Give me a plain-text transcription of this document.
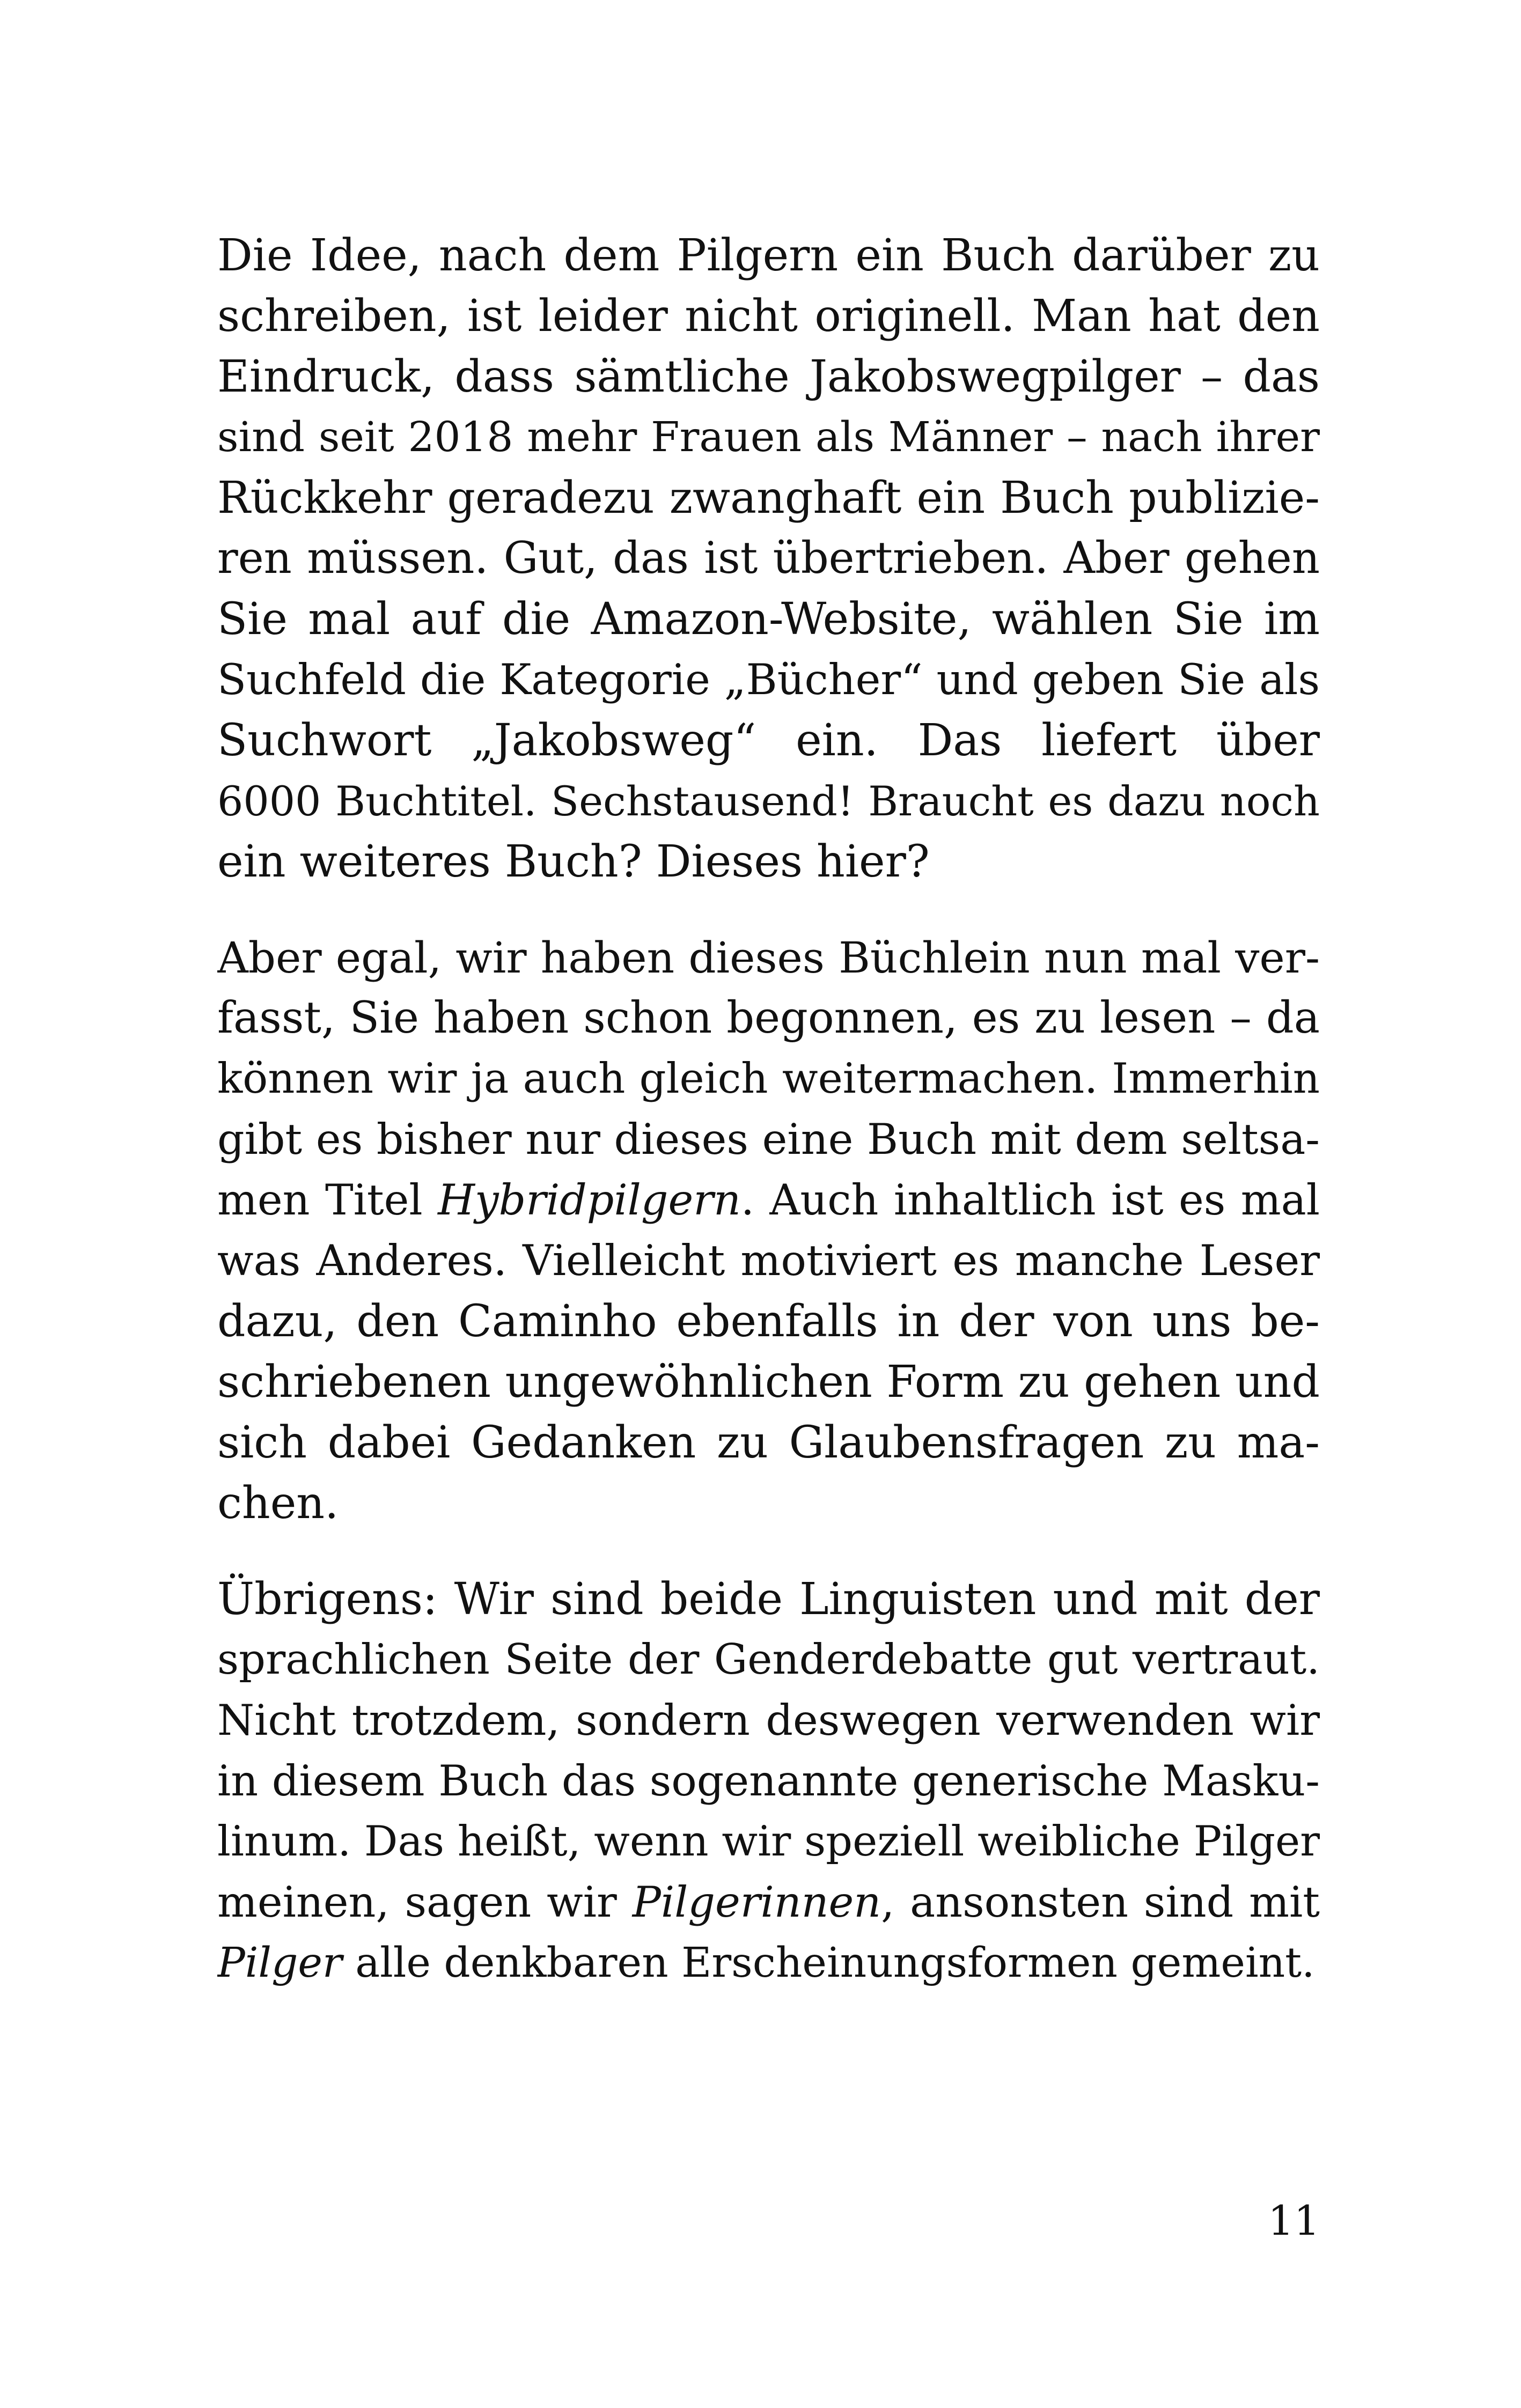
Die Idee, nach dem Pilgern ein Buch darüber zu
schreiben, ist leider nicht originell. Man hat den
Eindruck, dass sämtliche Jakobswegpilger – das
sind seit 2018 mehr Frauen als Männer – nach ihrer
Rückkehr geradezu zwanghaft ein Buch publizie-
ren müssen. Gut, das ist übertrieben. Aber gehen
Sie mal auf die Amazon-Website, wählen Sie im
Suchfeld die Kategorie „Bücher“ und geben Sie als
Suchwort „Jakobsweg“ ein. Das liefert über
6000 Buchtitel. Sechstausend! Braucht es dazu noch
ein weiteres Buch? Dieses hier?
Aber egal, wir haben dieses Büchlein nun mal ver-
fasst, Sie haben schon begonnen, es zu lesen – da
können wir ja auch gleich weitermachen. Immerhin
gibt es bisher nur dieses eine Buch mit dem seltsa-
men Titel Hybridpilgern. Auch inhaltlich ist es mal
was Anderes. Vielleicht motiviert es manche Leser
dazu, den Caminho ebenfalls in der von uns be-
schriebenen ungewöhnlichen Form zu gehen und
sich dabei Gedanken zu Glaubensfragen zu ma-
chen.
Übrigens: Wir sind beide Linguisten und mit der
sprachlichen Seite der Genderdebatte gut vertraut.
Nicht trotzdem, sondern deswegen verwenden wir
in diesem Buch das sogenannte generische Masku-
linum. Das heißt, wenn wir speziell weibliche Pilger
meinen, sagen wir Pilgerinnen, ansonsten sind mit
Pilger alle denkbaren Erscheinungsformen gemeint.
11
